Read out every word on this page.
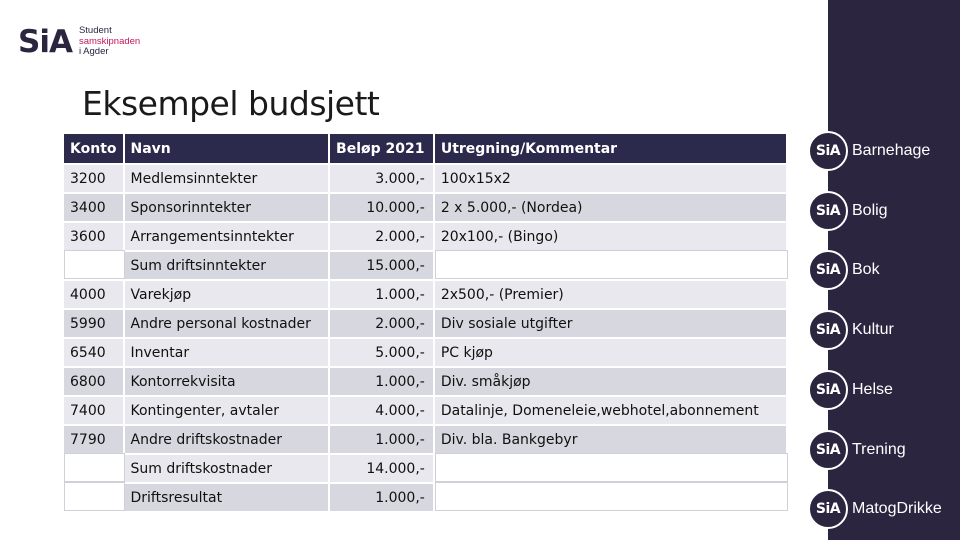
SiA Student
samskipnaden
i Agder
Eksempel budsjett
Konto	Navn	Beløp 2021	Utregning/Kommentar
3200	Medlemsinntekter	3.000,-	100x15x2
3400	Sponsorinntekter	10.000,-	2 x 5.000,- (Nordea)
3600	Arrangementsinntekter	2.000,-	20x100,- (Bingo)
	Sum driftsinntekter	15.000,-	
4000	Varekjøp	1.000,-	2x500,- (Premier)
5990	Andre personal kostnader	2.000,-	Div sosiale utgifter
6540	Inventar	5.000,-	PC kjøp
6800	Kontorrekvisita	1.000,-	Div. småkjøp
7400	Kontingenter, avtaler	4.000,-	Datalinje, Domeneleie,webhotel,abonnement
7790	Andre driftskostnader	1.000,-	Div. bla. Bankgebyr
	Sum driftskostnader	14.000,-	
	Driftsresultat	1.000,-	
SiA Barnehage
SiA Bolig
SiA Bok
SiA Kultur
SiA Helse
SiA Trening
SiA MatogDrikke
